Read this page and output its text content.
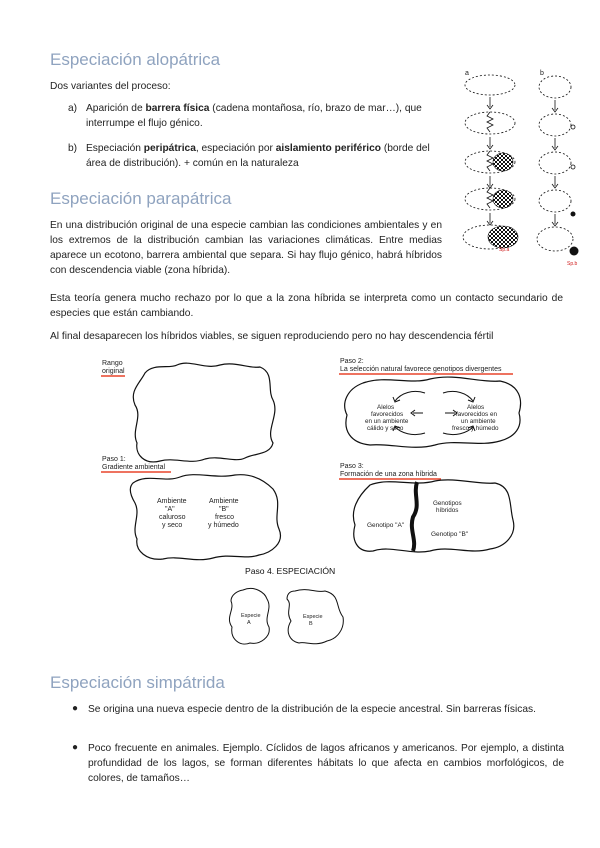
Especiación alopátrica

Dos variantes del proceso:

a) Aparición de barrera física (cadena montañosa, río, brazo de mar…), que interrumpe el flujo génico.
b) Especiación peripátrica, especiación por aislamiento periférico (borde del área de distribución). + común en la naturaleza
a	b
Sp.a
Sp.b
Especiación parapátrica

En una distribución original de una especie cambian las condiciones ambientales y en los extremos de la distribución cambian las variaciones climáticas. Entre medias aparece un ecotono, barrera ambiental que separa. Si hay flujo génico, habrá híbridos con descendencia viable (zona híbrida).

Esta teoría genera mucho rechazo por lo que a la zona híbrida se interpreta como un contacto secundario de especies que están cambiando.

Al final desaparecen los híbridos viables, se siguen reproduciendo pero no hay descendencia fértil

Rango
original
Paso 1:
Gradiente ambiental
Ambiente
"A"
caluroso
y seco
Ambiente
"B"
fresco
y húmedo
Paso 2:
La selección natural favorece genotipos divergentes
Alelos
favorecidos
en un ambiente
cálido y seco
Alelos
favorecidos en
un ambiente
fresco y húmedo
Paso 3:
Formación de una zona híbrida
Genotipos
híbridos
Genotipo "A"
Genotipo "B"
Especie
A
Especie
B
Paso 4. ESPECIACIÓN
Especiación simpátrida
● Se origina una nueva especie dentro de la distribución de la especie ancestral. Sin barreras físicas.

● Poco frecuente en animales. Ejemplo. Cíclidos de lagos africanos y americanos. Por ejemplo, a distinta profundidad de los lagos, se forman diferentes hábitats lo que afecta en cambios morfológicos, de colores, de tamaños…
